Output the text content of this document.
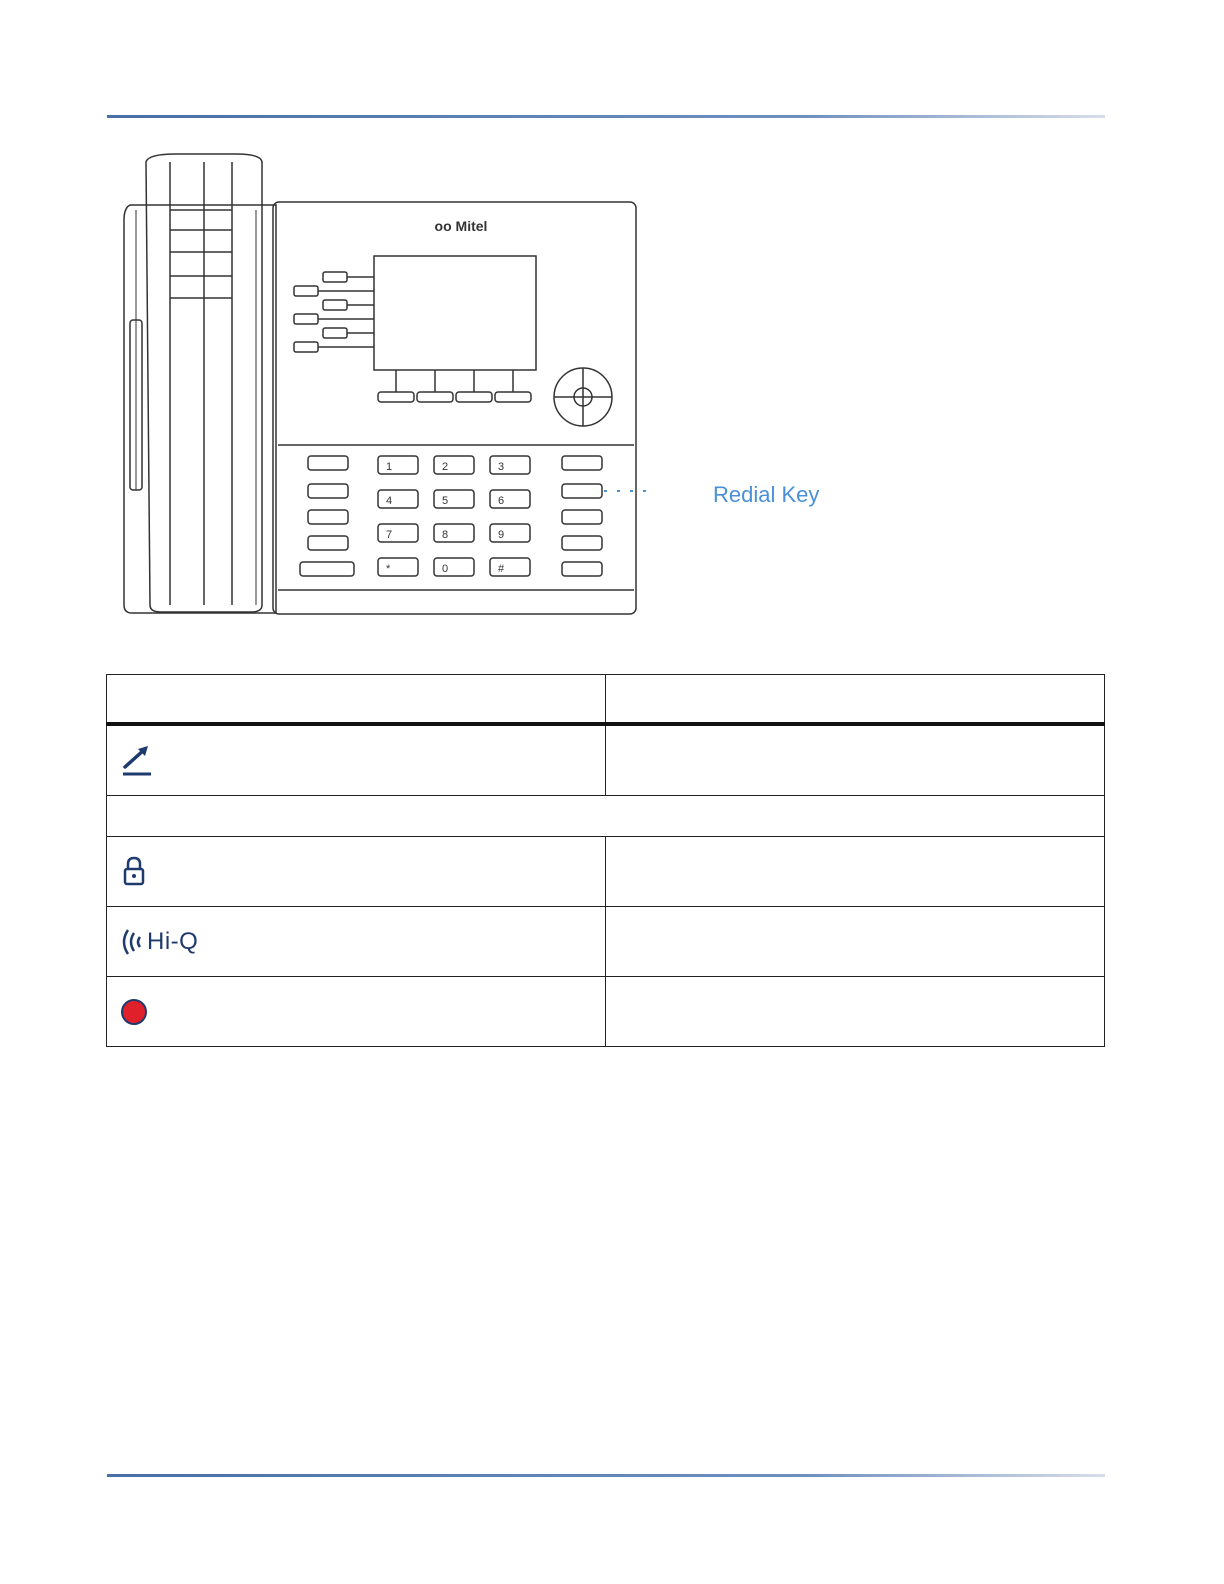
oo Mitel
1	2	3
4	5	6
7	8	9
*	0	#
Redial Key

Hi-Q	
